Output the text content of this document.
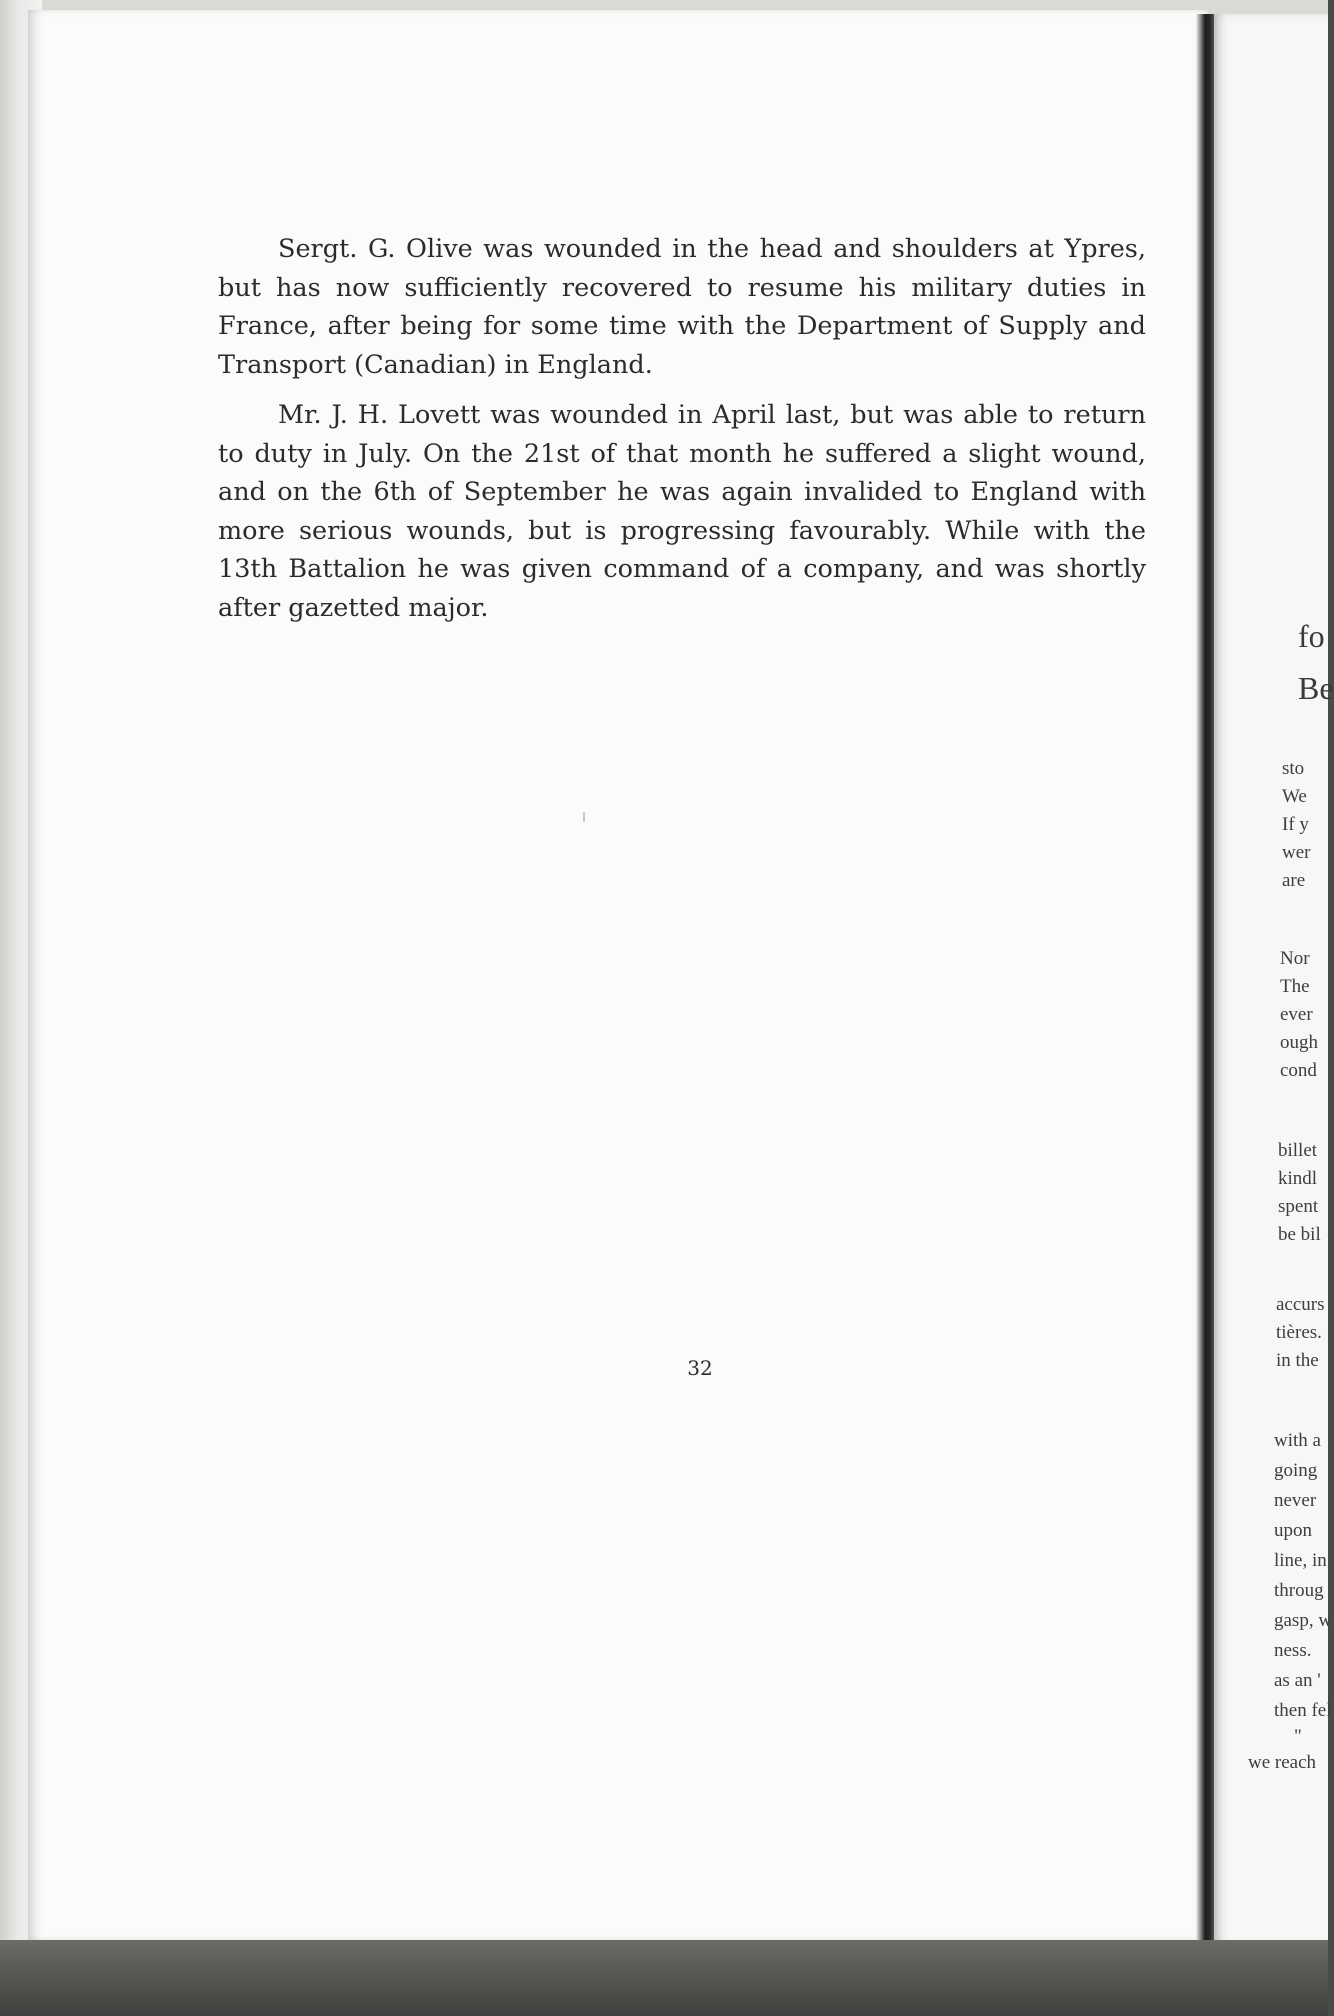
Sergt. G. Olive was wounded in the head and shoulders at Ypres, but has now sufficiently recovered to resume his military duties in France, after being for some time with the Department of Supply and Transport (Canadian) in England.

Mr. J. H. Lovett was wounded in April last, but was able to return to duty in July. On the 21st of that month he suffered a slight wound, and on the 6th of September he was again invalided to England with more serious wounds, but is progressing favourably. While with the 13th Battalion he was given command of a company, and was shortly after gazetted major.

32
fo
Be
sto
We
If y
wer
are
Nor
The
ever
ough
cond
billet
kindl
spent
be bil
accurs
tières.
in the
with a
going
never
upon
line, in
throug
gasp, w
ness.
as an '
then fel
"
we reach
